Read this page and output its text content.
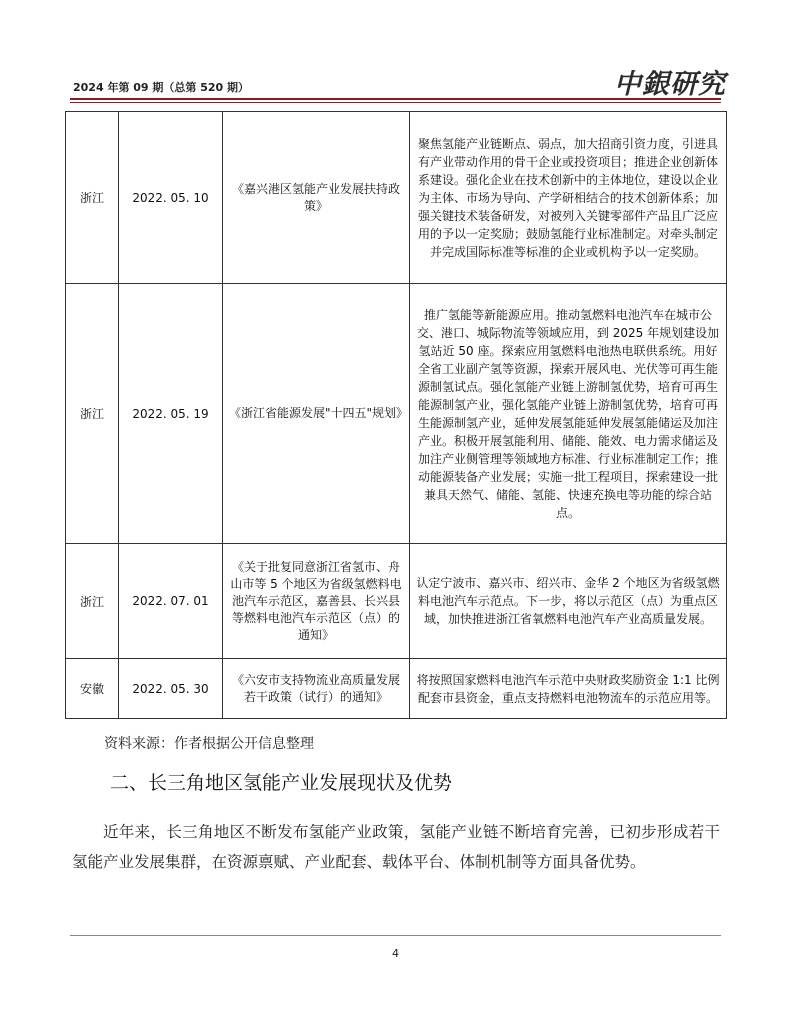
2024 年第 09 期（总第 520 期）	中銀研究
浙江	2022. 05. 10	《嘉兴港区氢能产业发展扶持政策》	聚焦氢能产业链断点、弱点，加大招商引资力度，引进具有产业带动作用的骨干企业或投资项目；推进企业创新体系建设。强化企业在技术创新中的主体地位，建设以企业为主体、市场为导向、产学研相结合的技术创新体系；加强关键技术装备研发，对被列入关键零部件产品且广泛应用的予以一定奖励；鼓励氢能行业标准制定。对牵头制定并完成国际标准等标准的企业或机构予以一定奖励。
浙江	2022. 05. 19	《浙江省能源发展"十四五"规划》	推广氢能等新能源应用。推动氢燃料电池汽车在城市公交、港口、城际物流等领域应用，到 2025 年规划建设加氢站近 50 座。探索应用氢燃料电池热电联供系统。用好全省工业副产氢等资源，探索开展风电、光伏等可再生能源制氢试点。强化氢能产业链上游制氢优势，培育可再生能源制氢产业，强化氢能产业链上游制氢优势，培育可再生能源制氢产业，延伸发展氢能延伸发展氢能储运及加注产业。积极开展氢能利用、储能、能效、电力需求储运及加注产业侧管理等领域地方标准、行业标准制定工作；推动能源装备产业发展；实施一批工程项目，探索建设一批兼具天然气、储能、氢能、快速充换电等功能的综合站点。
浙江	2022. 07. 01	《关于批复同意浙江省氢市、舟山市等 5 个地区为省级氢燃料电池汽车示范区，嘉善县、长兴县等燃料电池汽车示范区（点）的通知》	认定宁波市、嘉兴市、绍兴市、金华 2 个地区为省级氢燃料电池汽车示范点。下一步，将以示范区（点）为重点区域，加快推进浙江省氧燃料电池汽车产业高质量发展。
安徽	2022. 05. 30	《六安市支持物流业高质量发展若干政策（试行）的通知》	将按照国家燃料电池汽车示范中央财政奖励资金 1:1 比例配套市县资金，重点支持燃料电池物流车的示范应用等。
资料来源：作者根据公开信息整理
二、长三角地区氢能产业发展现状及优势

近年来，长三角地区不断发布氢能产业政策，氢能产业链不断培育完善，已初步形成若干氢能产业发展集群，在资源禀赋、产业配套、载体平台、体制机制等方面具备优势。

4
